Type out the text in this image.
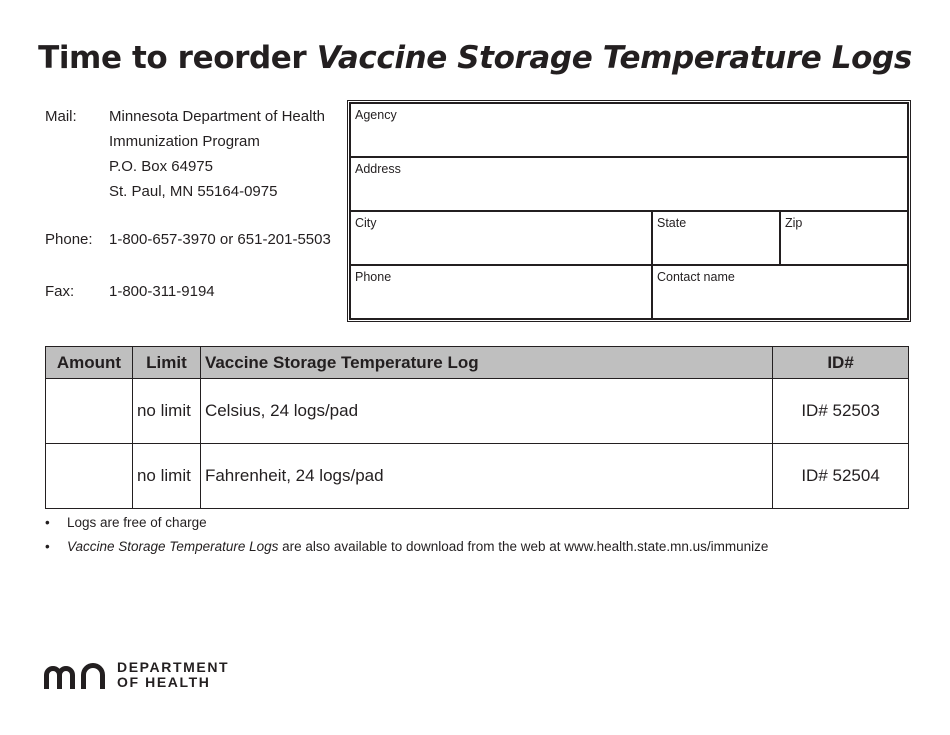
Time to reorder Vaccine Storage Temperature Logs
Mail: Minnesota Department of Health
Immunization Program
P.O. Box 64975
St. Paul, MN 55164-0975
Phone: 1-800-657-3970 or 651-201-5503
Fax: 1-800-311-9194
Agency
Address
City	State	Zip
Phone	Contact name
Amount	Limit	Vaccine Storage Temperature Log	ID#
	no limit	Celsius, 24 logs/pad	ID# 52503
	no limit	Fahrenheit, 24 logs/pad	ID# 52504
• Logs are free of charge
• Vaccine Storage Temperature Logs are also available to download from the web at www.health.state.mn.us/immunize
DEPARTMENT
OF HEALTH
